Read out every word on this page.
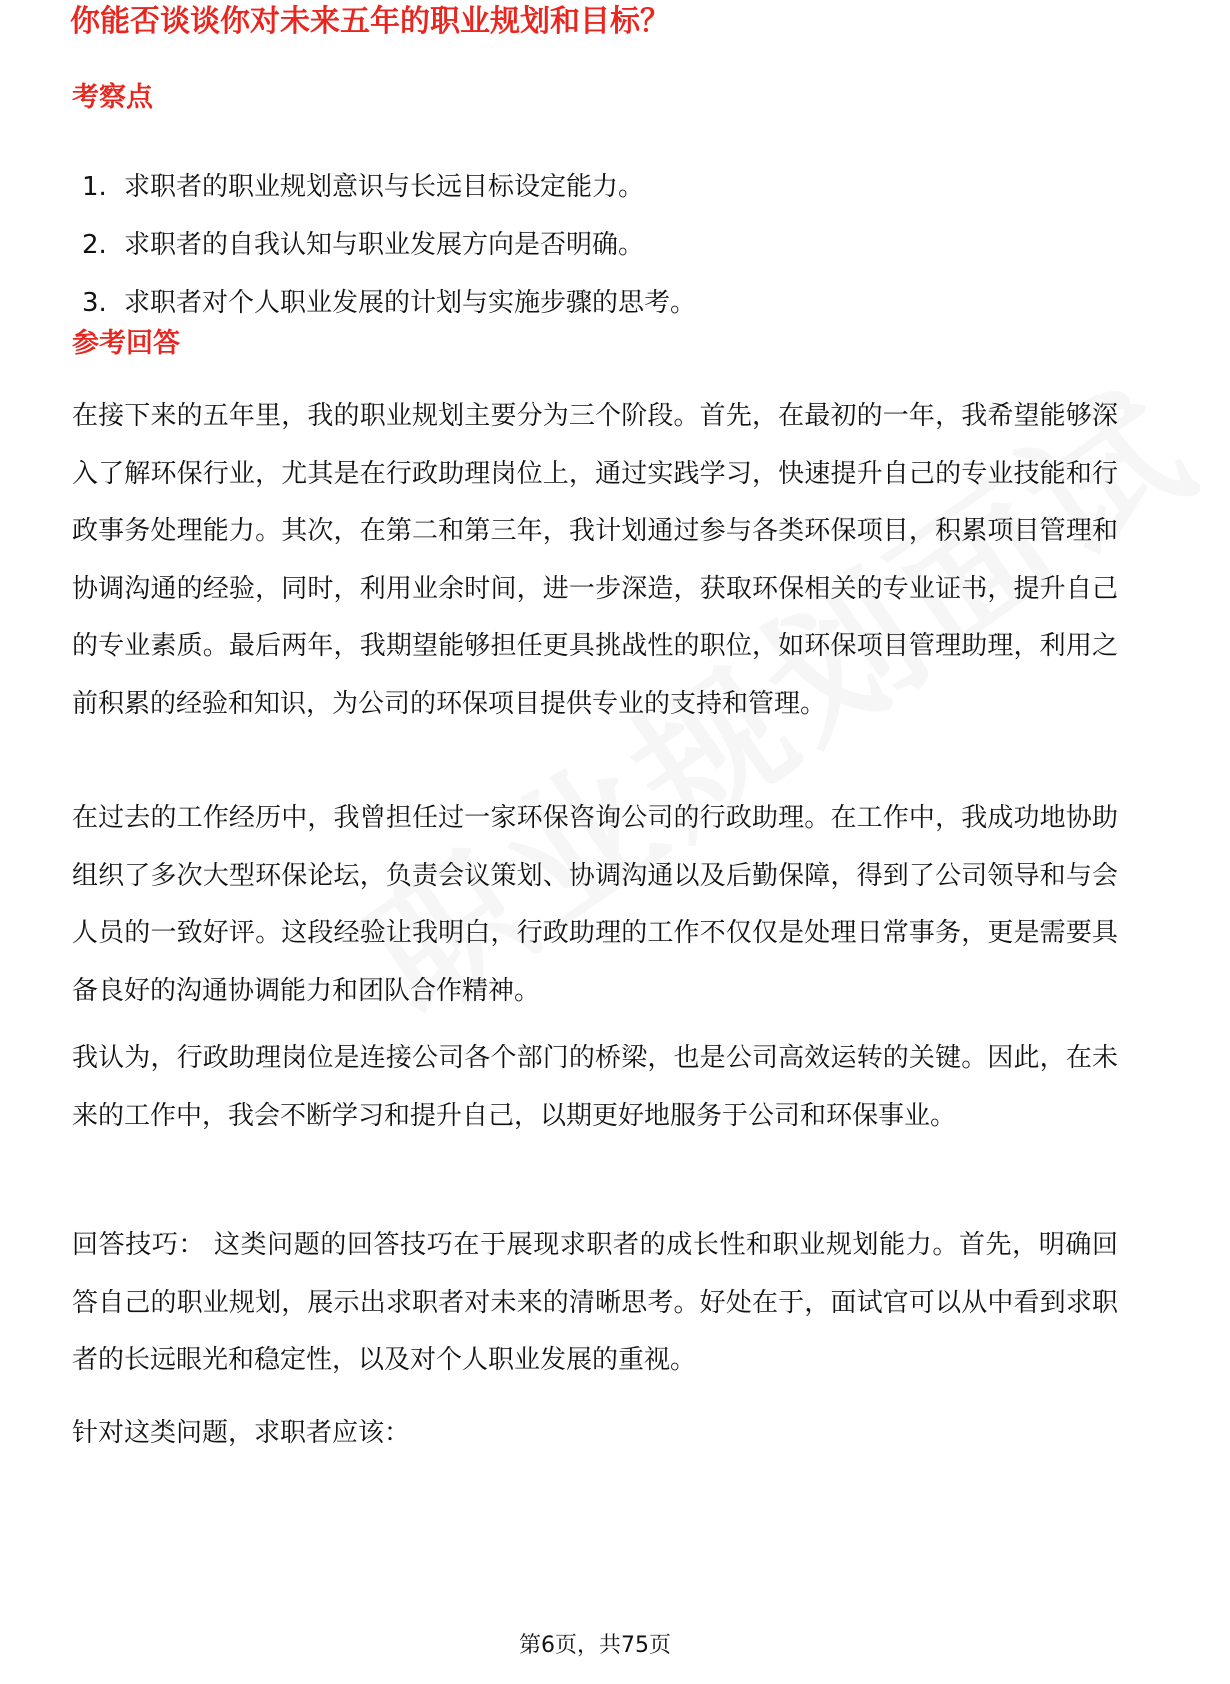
你能否谈谈你对未来五年的职业规划和目标？
考察点
1. 求职者的职业规划意识与长远目标设定能力。
2. 求职者的自我认知与职业发展方向是否明确。
3. 求职者对个人职业发展的计划与实施步骤的思考。
参考回答

在接下来的五年里，我的职业规划主要分为三个阶段。首先，在最初的一年，我希望能够深入了解环保行业，尤其是在行政助理岗位上，通过实践学习，快速提升自己的专业技能和行政事务处理能力。其次，在第二和第三年，我计划通过参与各类环保项目，积累项目管理和协调沟通的经验，同时，利用业余时间，进一步深造，获取环保相关的专业证书，提升自己的专业素质。最后两年，我期望能够担任更具挑战性的职位，如环保项目管理助理，利用之前积累的经验和知识，为公司的环保项目提供专业的支持和管理。

在过去的工作经历中，我曾担任过一家环保咨询公司的行政助理。在工作中，我成功地协助组织了多次大型环保论坛，负责会议策划、协调沟通以及后勤保障，得到了公司领导和与会人员的一致好评。这段经验让我明白，行政助理的工作不仅仅是处理日常事务，更是需要具备良好的沟通协调能力和团队合作精神。

我认为，行政助理岗位是连接公司各个部门的桥梁，也是公司高效运转的关键。因此，在未来的工作中，我会不断学习和提升自己，以期更好地服务于公司和环保事业。

回答技巧： 这类问题的回答技巧在于展现求职者的成长性和职业规划能力。首先，明确回答自己的职业规划，展示出求职者对未来的清晰思考。好处在于，面试官可以从中看到求职者的长远眼光和稳定性，以及对个人职业发展的重视。

针对这类问题，求职者应该：

第6页，共75页
